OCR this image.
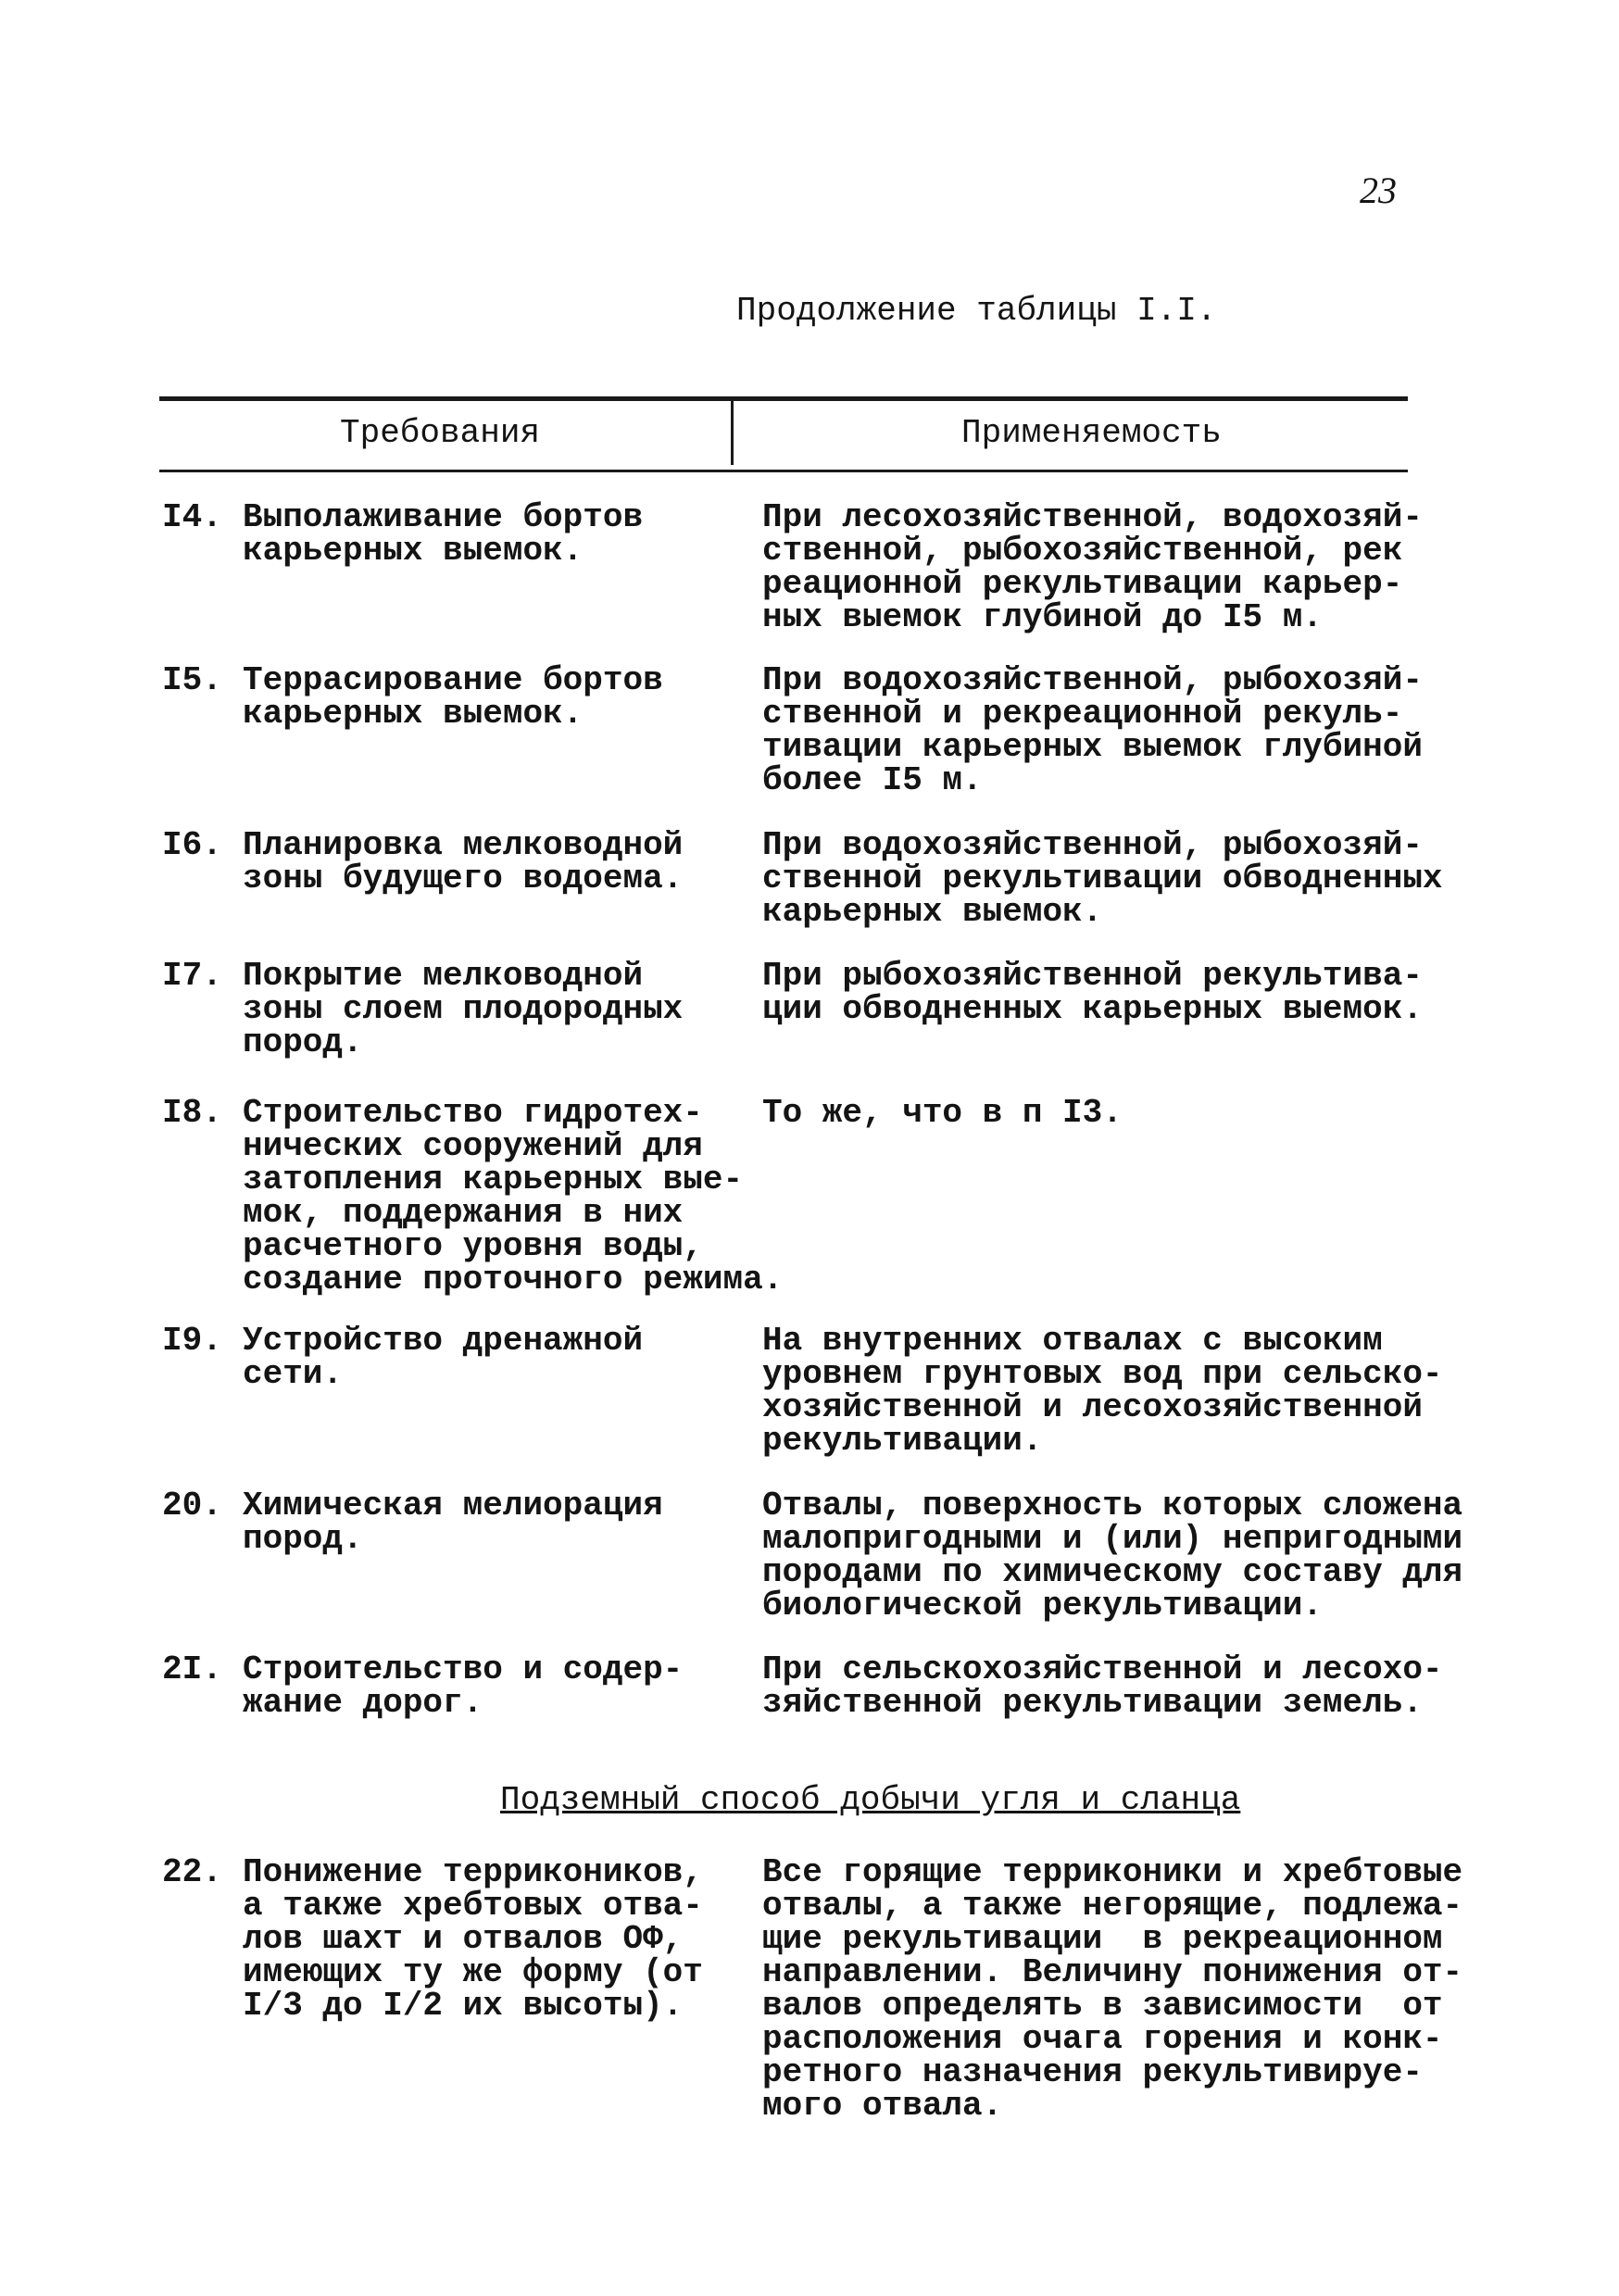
23
Продолжение таблицы I.I.
Требования	Применяемость
I4. Выполаживание бортов
карьерных выемок.
При лесохозяйственной, водохозяй-
ственной, рыбохозяйственной, рек
реационной рекультивации карьер-
ных выемок глубиной до I5 м.
I5. Террасирование бортов
карьерных выемок.
При водохозяйственной, рыбохозяй-
ственной и рекреационной рекуль-
тивации карьерных выемок глубиной
более I5 м.
I6. Планировка мелководной
зоны будущего водоема.
При водохозяйственной, рыбохозяй-
ственной рекультивации обводненных
карьерных выемок.
I7. Покрытие мелководной
зоны слоем плодородных
пород.
При рыбохозяйственной рекультива-
ции обводненных карьерных выемок.
I8. Строительство гидротех-
нических сооружений для
затопления карьерных вые-
мок, поддержания в них
расчетного уровня воды,
создание проточного режима.
То же, что в п I3.
I9. Устройство дренажной
сети.
На внутренних отвалах с высоким
уровнем грунтовых вод при сельско-
хозяйственной и лесохозяйственной
рекультивации.
20. Химическая мелиорация
пород.
Отвалы, поверхность которых сложена
малопригодными и (или) непригодными
породами по химическому составу для
биологической рекультивации.
2I. Строительство и содер-
жание дорог.
При сельскохозяйственной и лесохо-
зяйственной рекультивации земель.
Подземный способ добычи угля и сланца
22. Понижение террикоников,
а также хребтовых отва-
лов шахт и отвалов ОФ,
имеющих ту же форму (от
I/3 до I/2 их высоты).
Все горящие терриконики и хребтовые
отвалы, а также негорящие, подлежа-
щие рекультивации  в рекреационном
направлении. Величину понижения от-
валов определять в зависимости  от
расположения очага горения и конк-
ретного назначения рекультивируе-
мого отвала.
